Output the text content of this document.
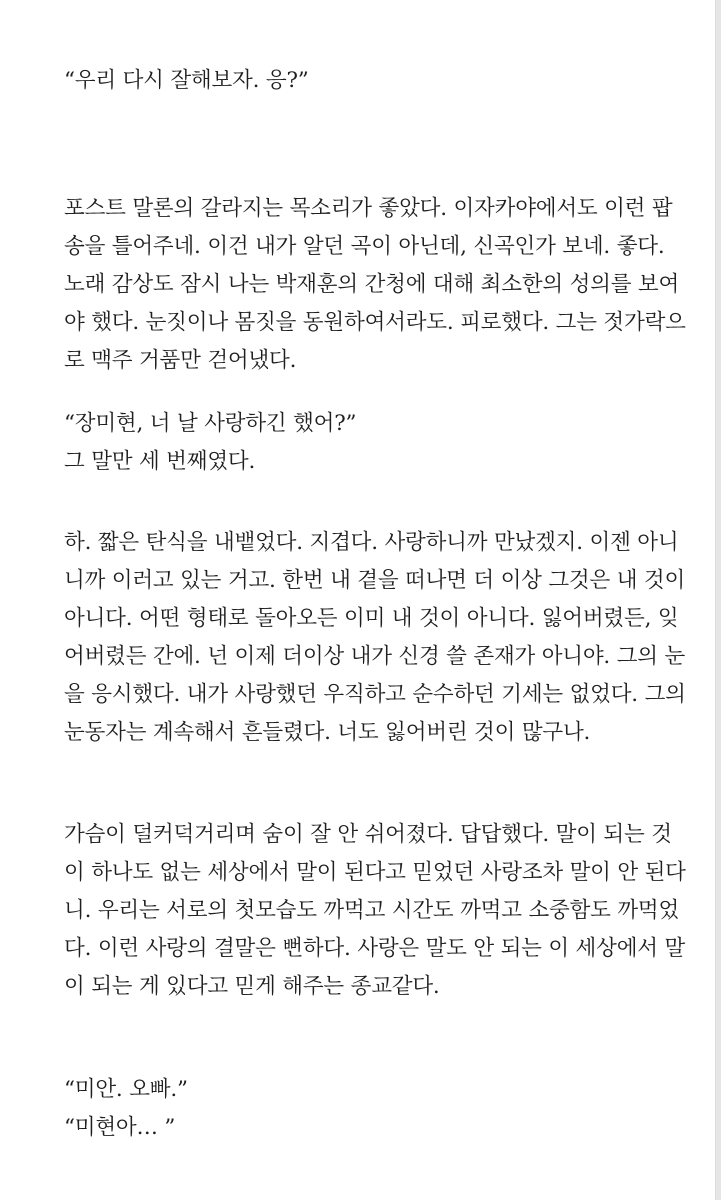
“우리 다시 잘해보자. 응?”
포스트 말론의 갈라지는 목소리가 좋았다. 이자카야에서도 이런 팝
송을 틀어주네. 이건 내가 알던 곡이 아닌데, 신곡인가 보네. 좋다.
노래 감상도 잠시 나는 박재훈의 간청에 대해 최소한의 성의를 보여
야 했다. 눈짓이나 몸짓을 동원하여서라도. 피로했다. 그는 젓가락으
로 맥주 거품만 걷어냈다.
“장미현, 너 날 사랑하긴 했어?”
그 말만 세 번째였다.
하. 짧은 탄식을 내뱉었다. 지겹다. 사랑하니까 만났겠지. 이젠 아니
니까 이러고 있는 거고. 한번 내 곁을 떠나면 더 이상 그것은 내 것이
아니다. 어떤 형태로 돌아오든 이미 내 것이 아니다. 잃어버렸든, 잊
어버렸든 간에. 넌 이제 더이상 내가 신경 쓸 존재가 아니야. 그의 눈
을 응시했다. 내가 사랑했던 우직하고 순수하던 기세는 없었다. 그의
눈동자는 계속해서 흔들렸다. 너도 잃어버린 것이 많구나.
가슴이 덜커덕거리며 숨이 잘 안 쉬어졌다. 답답했다. 말이 되는 것
이 하나도 없는 세상에서 말이 된다고 믿었던 사랑조차 말이 안 된다
니. 우리는 서로의 첫모습도 까먹고 시간도 까먹고 소중함도 까먹었
다. 이런 사랑의 결말은 뻔하다. 사랑은 말도 안 되는 이 세상에서 말
이 되는 게 있다고 믿게 해주는 종교같다.
“미안. 오빠.”
“미현아… ”
